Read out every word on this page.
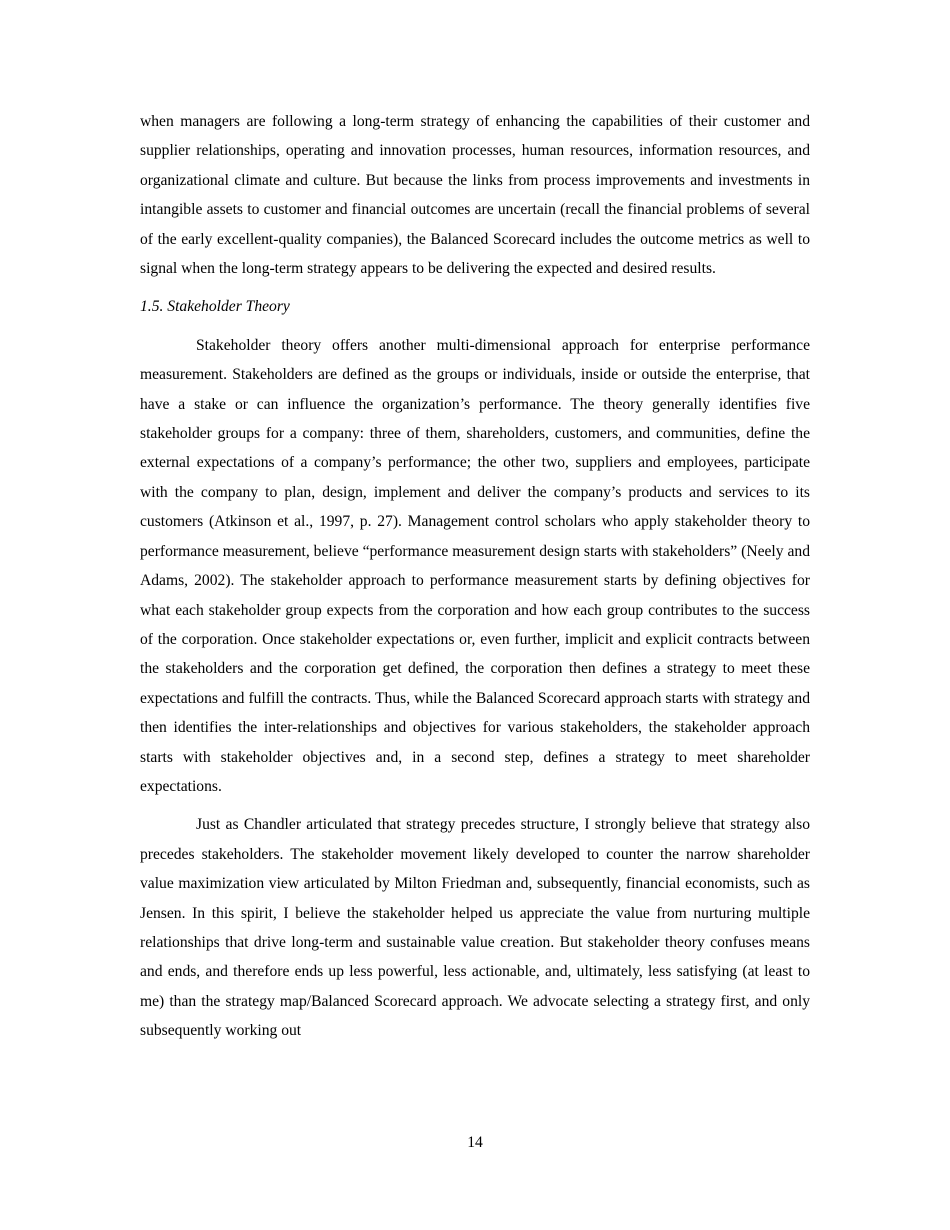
when managers are following a long-term strategy of enhancing the capabilities of their customer and supplier relationships, operating and innovation processes, human resources, information resources, and organizational climate and culture. But because the links from process improvements and investments in intangible assets to customer and financial outcomes are uncertain (recall the financial problems of several of the early excellent-quality companies), the Balanced Scorecard includes the outcome metrics as well to signal when the long-term strategy appears to be delivering the expected and desired results.

1.5. Stakeholder Theory

Stakeholder theory offers another multi-dimensional approach for enterprise performance measurement. Stakeholders are defined as the groups or individuals, inside or outside the enterprise, that have a stake or can influence the organization’s performance. The theory generally identifies five stakeholder groups for a company: three of them, shareholders, customers, and communities, define the external expectations of a company’s performance; the other two, suppliers and employees, participate with the company to plan, design, implement and deliver the company’s products and services to its customers (Atkinson et al., 1997, p. 27). Management control scholars who apply stakeholder theory to performance measurement, believe “performance measurement design starts with stakeholders” (Neely and Adams, 2002). The stakeholder approach to performance measurement starts by defining objectives for what each stakeholder group expects from the corporation and how each group contributes to the success of the corporation. Once stakeholder expectations or, even further, implicit and explicit contracts between the stakeholders and the corporation get defined, the corporation then defines a strategy to meet these expectations and fulfill the contracts. Thus, while the Balanced Scorecard approach starts with strategy and then identifies the inter-relationships and objectives for various stakeholders, the stakeholder approach starts with stakeholder objectives and, in a second step, defines a strategy to meet shareholder expectations.

Just as Chandler articulated that strategy precedes structure, I strongly believe that strategy also precedes stakeholders. The stakeholder movement likely developed to counter the narrow shareholder value maximization view articulated by Milton Friedman and, subsequently, financial economists, such as Jensen. In this spirit, I believe the stakeholder helped us appreciate the value from nurturing multiple relationships that drive long-term and sustainable value creation. But stakeholder theory confuses means and ends, and therefore ends up less powerful, less actionable, and, ultimately, less satisfying (at least to me) than the strategy map/Balanced Scorecard approach. We advocate selecting a strategy first, and only subsequently working out

14
